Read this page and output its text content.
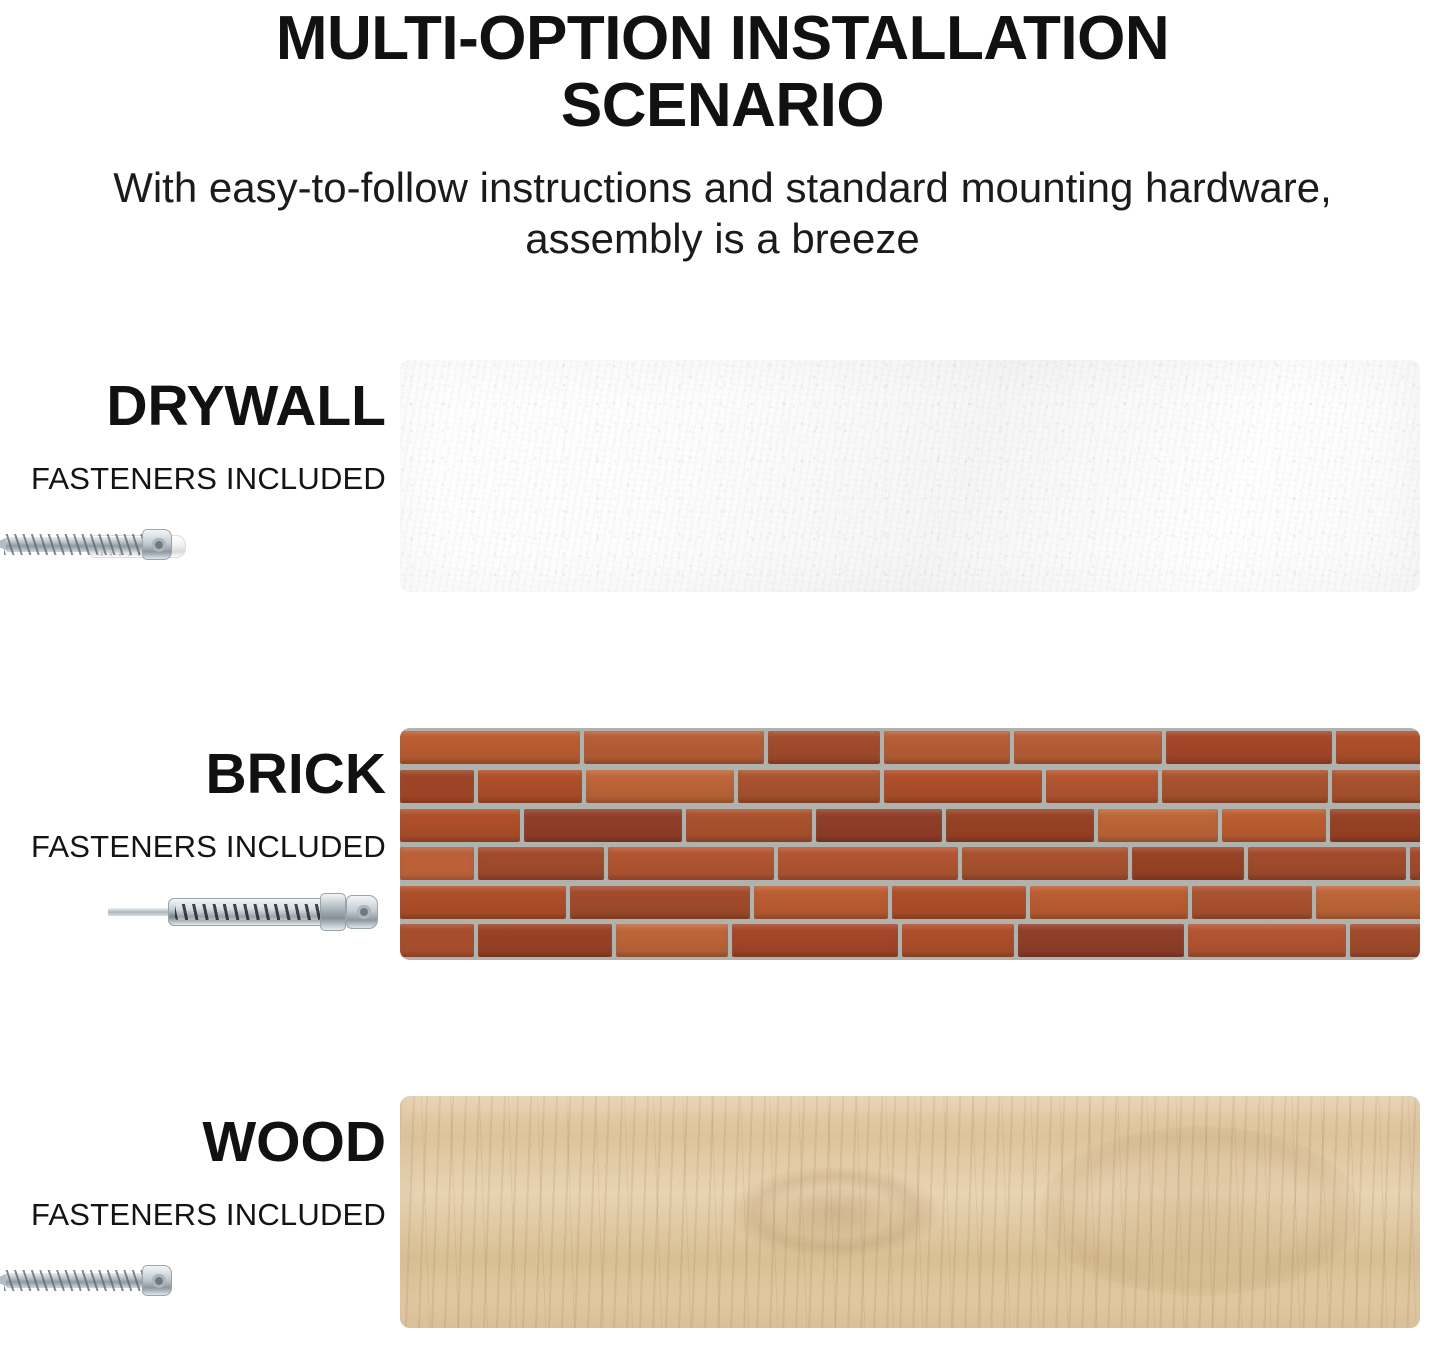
MULTI-OPTION INSTALLATION SCENARIO

With easy-to-follow instructions and standard mounting hardware, assembly is a breeze

DRYWALL
FASTENERS INCLUDED
BRICK
FASTENERS INCLUDED
WOOD
FASTENERS INCLUDED
